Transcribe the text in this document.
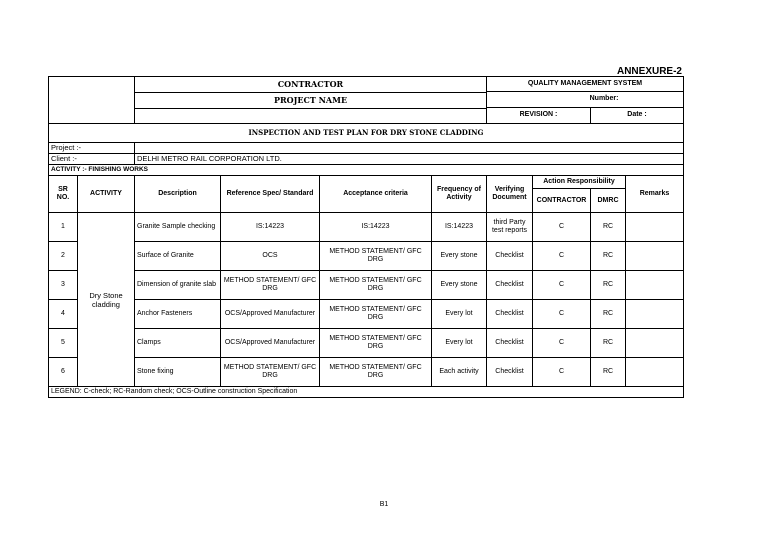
ANNEXURE-2

		CONTRACTOR
PROJECT NAME				QUALITY MANAGEMENT SYSTEM			
						Number:			
						REVISION :		Date :	
INSPECTION AND TEST PLAN FOR DRY STONE CLADDING									
Project :-									
Client :-		DELHI METRO RAIL CORPORATION LTD.							
ACTIVITY :- FINISHING WORKS									
SR NO.	ACTIVITY	Description	Reference Spec/ Standard	Acceptance criteria	Frequency of Activity	Verifying Document	Action Responsibility		Remarks
							CONTRACTOR	DMRC	
1	Dry Stone cladding	Granite Sample checking	IS:14223	IS:14223	IS:14223	third Party test reports	C	RC	
2		Surface of Granite	OCS	METHOD STATEMENT/ GFC DRG	Every stone	Checklist	C	RC	
3		Dimension of granite slab	METHOD STATEMENT/ GFC DRG	METHOD STATEMENT/ GFC DRG	Every stone	Checklist	C	RC	
4		Anchor Fasteners	OCS/Approved Manufacturer	METHOD STATEMENT/ GFC DRG	Every lot	Checklist	C	RC	
5		Clamps	OCS/Approved Manufacturer	METHOD STATEMENT/ GFC DRG	Every lot	Checklist	C	RC	
6		Stone fixing	METHOD STATEMENT/ GFC DRG	METHOD STATEMENT/ GFC DRG	Each activity	Checklist	C	RC	
LEGEND: C-check; RC-Random check; OCS-Outline construction Specification									
B1
